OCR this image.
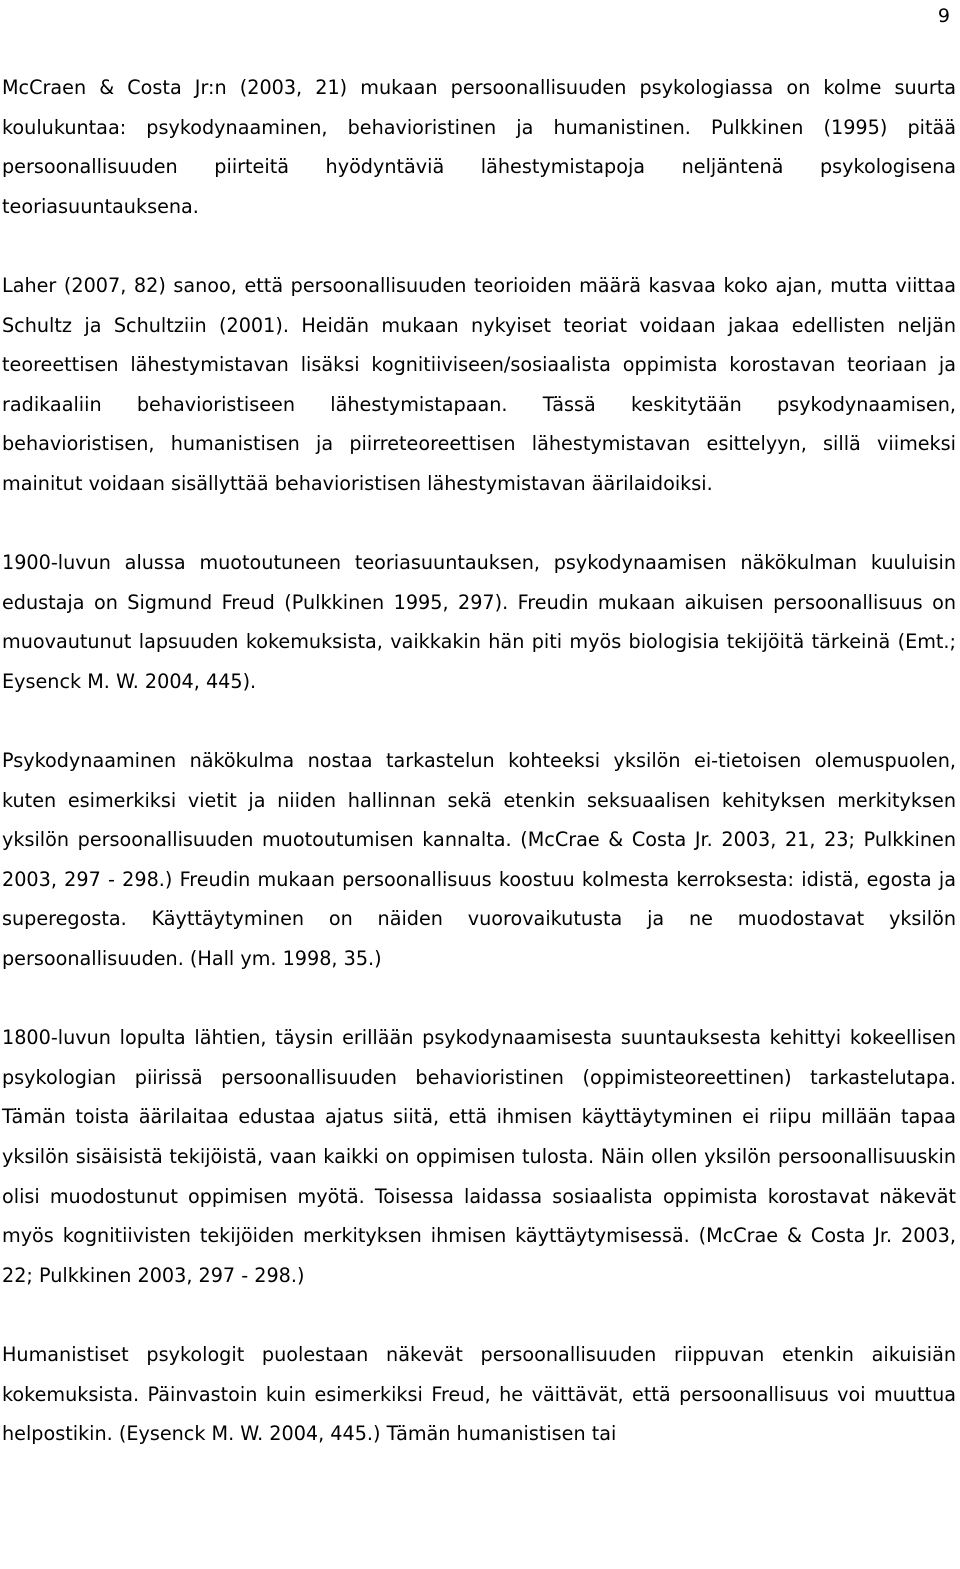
9

McCraen & Costa Jr:n (2003, 21) mukaan persoonallisuuden psykologiassa on kolme suurta koulukuntaa: psykodynaaminen, behavioristinen ja humanistinen. Pulkkinen (1995) pitää persoonallisuuden piirteitä hyödyntäviä lähestymistapoja neljäntenä psykologisena teoriasuuntauksena.

Laher (2007, 82) sanoo, että persoonallisuuden teorioiden määrä kasvaa koko ajan, mutta viittaa Schultz ja Schultziin (2001). Heidän mukaan nykyiset teoriat voidaan jakaa edellisten neljän teoreettisen lähestymistavan lisäksi kognitiiviseen/sosiaalista oppimista korostavan teoriaan ja radikaaliin behavioristiseen lähestymistapaan. Tässä keskitytään psykodynaamisen, behavioristisen, humanistisen ja piirreteoreettisen lähestymistavan esittelyyn, sillä viimeksi mainitut voidaan sisällyttää behavioristisen lähestymistavan äärilaidoiksi.

1900-luvun alussa muotoutuneen teoriasuuntauksen, psykodynaamisen näkökulman kuuluisin edustaja on Sigmund Freud (Pulkkinen 1995, 297). Freudin mukaan aikuisen persoonallisuus on muovautunut lapsuuden kokemuksista, vaikkakin hän piti myös biologisia tekijöitä tärkeinä (Emt.; Eysenck M. W. 2004, 445).

Psykodynaaminen näkökulma nostaa tarkastelun kohteeksi yksilön ei-tietoisen olemuspuolen, kuten esimerkiksi vietit ja niiden hallinnan sekä etenkin seksuaalisen kehityksen merkityksen yksilön persoonallisuuden muotoutumisen kannalta. (McCrae & Costa Jr. 2003, 21, 23; Pulkkinen 2003, 297 - 298.) Freudin mukaan persoonallisuus koostuu kolmesta kerroksesta: idistä, egosta ja superegosta. Käyttäytyminen on näiden vuorovaikutusta ja ne muodostavat yksilön persoonallisuuden. (Hall ym. 1998, 35.)

1800-luvun lopulta lähtien, täysin erillään psykodynaamisesta suuntauksesta kehittyi kokeellisen psykologian piirissä persoonallisuuden behavioristinen (oppimisteoreettinen) tarkastelutapa. Tämän toista äärilaitaa edustaa ajatus siitä, että ihmisen käyttäytyminen ei riipu millään tapaa yksilön sisäisistä tekijöistä, vaan kaikki on oppimisen tulosta. Näin ollen yksilön persoonallisuuskin olisi muodostunut oppimisen myötä. Toisessa laidassa sosiaalista oppimista korostavat näkevät myös kognitiivisten tekijöiden merkityksen ihmisen käyttäytymisessä. (McCrae & Costa Jr. 2003, 22; Pulkkinen 2003, 297 - 298.)

Humanistiset psykologit puolestaan näkevät persoonallisuuden riippuvan etenkin aikuisiän kokemuksista. Päinvastoin kuin esimerkiksi Freud, he väittävät, että persoonallisuus voi muuttua helpostikin. (Eysenck M. W. 2004, 445.) Tämän humanistisen tai
